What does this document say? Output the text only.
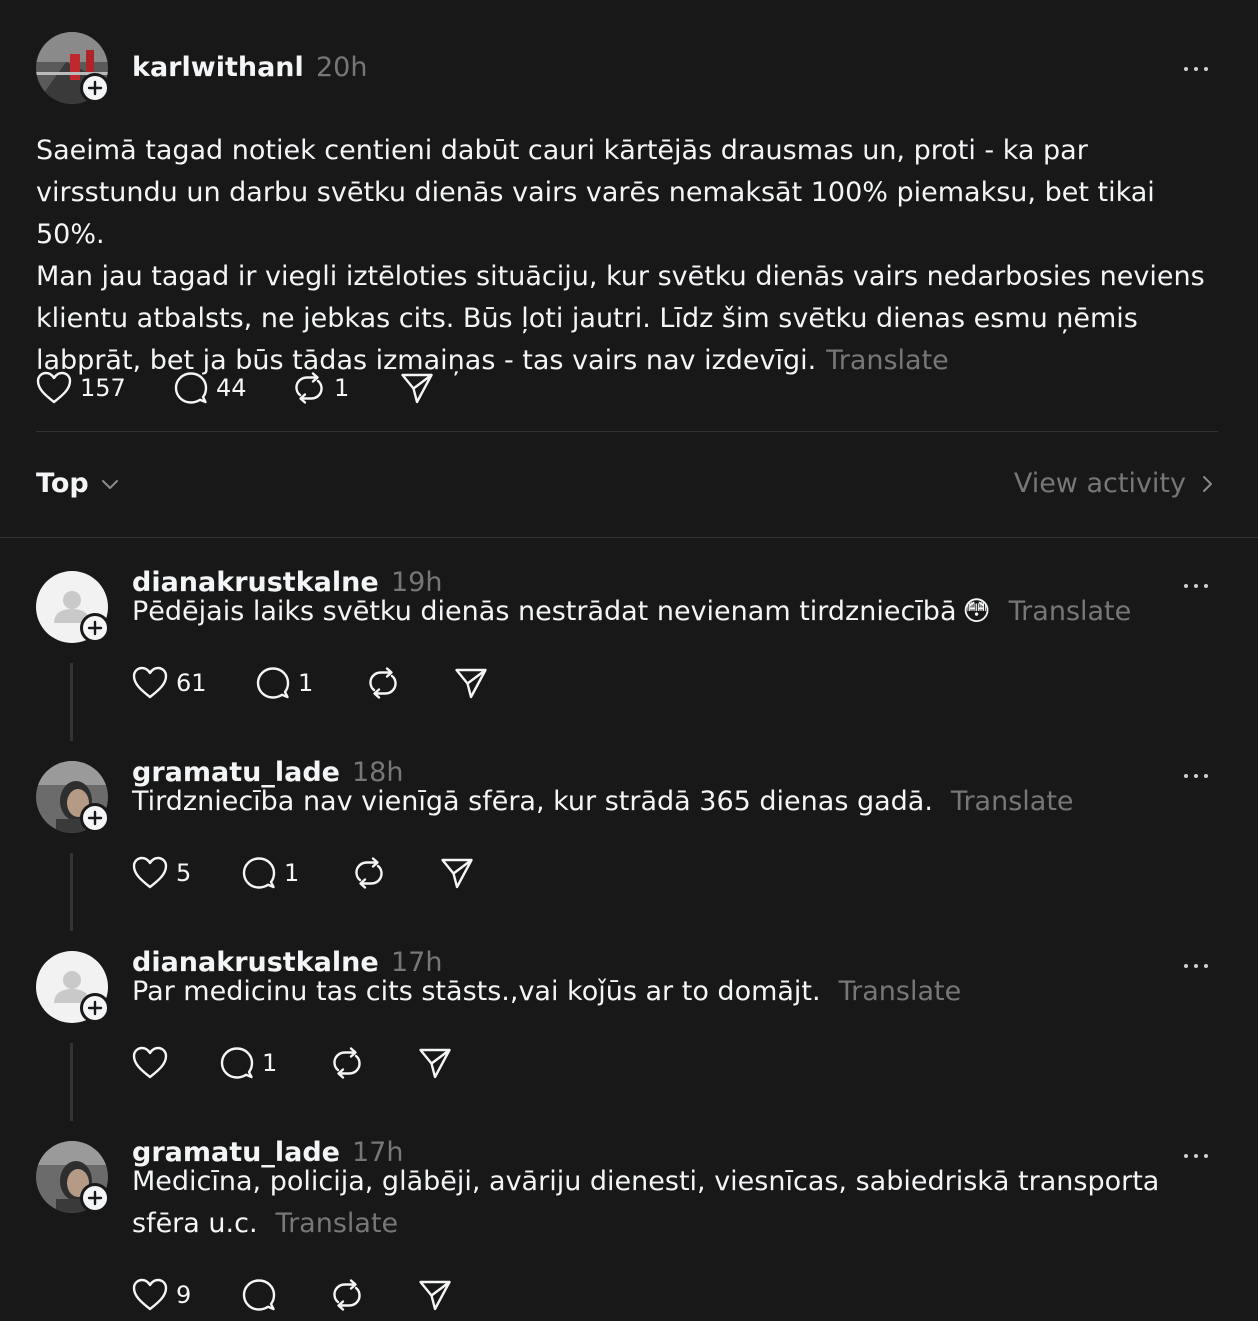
karlwithanl 20h
Saeimā tagad notiek centieni dabūt cauri kārtējās drausmas un, proti - ka par virsstundu un darbu svētku dienās vairs varēs nemaksāt 100% piemaksu, bet tikai 50%.
Man jau tagad ir viegli iztēloties situāciju, kur svētku dienās vairs nedarbosies neviens klientu atbalsts, ne jebkas cits. Būs ļoti jautri. Līdz šim svētku dienas esmu ņēmis labprāt, bet ja būs tādas izmaiņas - tas vairs nav izdevīgi. Translate
157	44	1
Top	View activity
dianakrustkalne 19h
Pēdējais laiks svētku dienās nestrādat nevienam tirdzniecībā 😳 Translate
61	1
gramatu_lade 18h
Tirdzniecība nav vienīgā sfēra, kur strādā 365 dienas gadā. Translate
5	1
dianakrustkalne 17h
Par medicinu tas cits stāsts.,vai koǰūs ar to domājt. Translate
1
gramatu_lade 17h
Medicīna, policija, glābēji, avāriju dienesti, viesnīcas, sabiedriskā transporta sfēra u.c. Translate
9
